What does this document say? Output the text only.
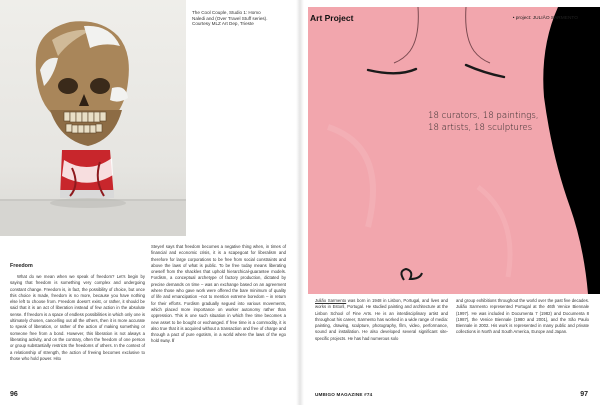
The Cool Couple, Studio 1: Homo
Naledi and (Over Travel Stuff series).
Courtesy MLZ Art Dep, Trieste
Freedom
What do we mean when we speak of freedom? Let's begin by saying that freedom is something very complex and undergoing constant change. Freedom is, in fact, the possibility of choice, but once this choice is made, freedom is no more, because you have nothing else left to choose from. Freedom doesn't exist, or rather, it should be said that it is an act of liberation instead of few action in the absolute sense. If freedom is a space of endless possibilities in which only one is ultimately chosen, cancelling out all the others, then it is more accurate to speak of liberation, or rather of the action of making something or someone free from a bond. However, this liberation is not always a liberating activity, and on the contrary, often the freedom of one person or group substantially restricts the freedoms of others. In the context of a relationship of strength, the action of freeing becomes exclusive to those who hold power. Hito
Steyerl says that freedom becomes a negative thing when, in times of financial and economic crisis, it is a scapegoat for liberalism and therefore for large corporations to be free from social constraints and above the laws of what is public. To be free today means liberating oneself from the shackles that uphold hierarchical-guarantee models. Fordism, a conceptual archetype of factory production, dictated by precise demands on time – was an exchange based on an agreement where those who gave work were offered the bare minimum of quality of life and emancipation –not to mention extreme boredom – in return for their efforts. Fordism gradually segued into various movements, which placed more importance on worker autonomy rather than oppression. This is one such situation in which free time becomes a new asset to be bought or exchanged. If free time is a commodity, it is also true that it is acquired without a transaction and free of charge and through a pact of pure egotism, in a world where the laws of the ego hold sway. //
96
Art Project	• project: JULIÃO SARMENTO
18 curators, 18 paintings,
18 artists, 18 sculptures
Julião Sarmento was born in 1948 in Lisbon, Portugal, and lives and works in Estoril, Portugal. He studied painting and architecture at the Lisbon School of Fine Arts. He is an interdisciplinary artist and throughout his career, Sarmento has worked in a wide range of media: painting, drawing, sculpture, photography, film, video, performance, sound and installation. He also developed several significant site-specific projects. He has had numerous solo
and group exhibitions throughout the world over the past five decades. Julião Sarmento represented Portugal at the 46th Venice Biennale (1997). He was included in Documenta 7 (1982) and Documenta 8 (1987), the Venice Biennale (1980 and 2001), and the São Paulo Biennale in 2002. His work is represented in many public and private collections in North and South America, Europe and Japan.
UMBIGO MAGAZINE #74	97
